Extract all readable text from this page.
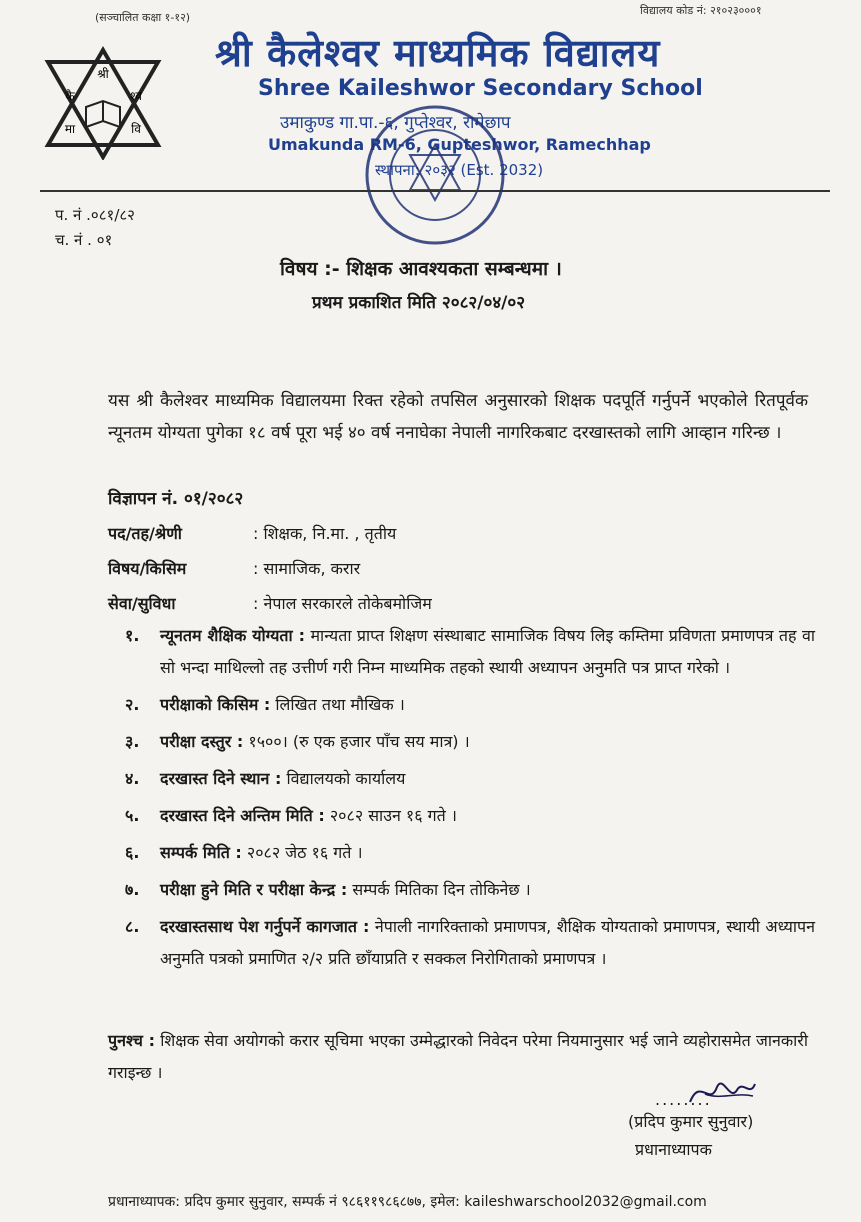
(सञ्चालित कक्षा १-१२)
विद्यालय कोड नं: २१०२३०००१
श्री
कै	श्व
मा	वि
श्री कैलेश्वर माध्यमिक विद्यालय
Shree Kaileshwor Secondary School
उमाकुण्ड गा.पा.-६, गुप्तेश्वर, रामेछाप
Umakunda RM-6, Gupteshwor, Ramechhap
स्थापना: २०३२ (Est. 2032)
प. नं .०८१/८२
च. नं . ०१
विषय :- शिक्षक आवश्यकता सम्बन्धमा ।
प्रथम प्रकाशित मिति २०८२/०४/०२
यस श्री कैलेश्वर माध्यमिक विद्यालयमा रिक्त रहेको तपसिल अनुसारको शिक्षक पदपूर्ति गर्नुपर्ने भएकोले रितपूर्वक न्यूनतम योग्यता पुगेका १८ वर्ष पूरा भई ४० वर्ष ननाघेका नेपाली नागरिकबाट दरखास्तको लागि आव्हान गरिन्छ ।
विज्ञापन नं. ०१/२०८२
पद/तह/श्रेणी	: शिक्षक, नि.मा. , तृतीय
विषय/किसिम	: सामाजिक, करार
सेवा/सुविधा	: नेपाल सरकारले तोकेबमोजिम
१.	न्यूनतम शैक्षिक योग्यता : मान्यता प्राप्त शिक्षण संस्थाबाट सामाजिक विषय लिइ कम्तिमा प्रविणता प्रमाणपत्र तह वा सो भन्दा माथिल्लो तह उत्तीर्ण गरी निम्न माध्यमिक तहको स्थायी अध्यापन अनुमति पत्र प्राप्त गरेको ।
२.	परीक्षाको किसिम : लिखित तथा मौखिक ।
३.	परीक्षा दस्तुर : १५००। (रु एक हजार पाँच सय मात्र) ।
४.	दरखास्त दिने स्थान : विद्यालयको कार्यालय
५.	दरखास्त दिने अन्तिम मिति : २०८२ साउन १६ गते ।
६.	सम्पर्क मिति : २०८२ जेठ १६ गते ।
७.	परीक्षा हुने मिति र परीक्षा केन्द्र : सम्पर्क मितिका दिन तोकिनेछ ।
८.	दरखास्तसाथ पेश गर्नुपर्ने कागजात : नेपाली नागरिक्ताको प्रमाणपत्र, शैक्षिक योग्यताको प्रमाणपत्र, स्थायी अध्यापन अनुमति पत्रको प्रमाणित २/२ प्रति छाँयाप्रति र सक्कल निरोगिताको प्रमाणपत्र ।
पुनश्च : शिक्षक सेवा अयोगको करार सूचिमा भएका उम्मेद्धारको निवेदन परेमा नियमानुसार भई जाने व्यहोरासमेत जानकारी गराइन्छ ।
........
(प्रदिप कुमार सुनुवार)
प्रधानाध्यापक
प्रधानाध्यापक: प्रदिप कुमार सुनुवार, सम्पर्क नं ९८६११९८६८७७, इमेल: kaileshwarschool2032@gmail.com
